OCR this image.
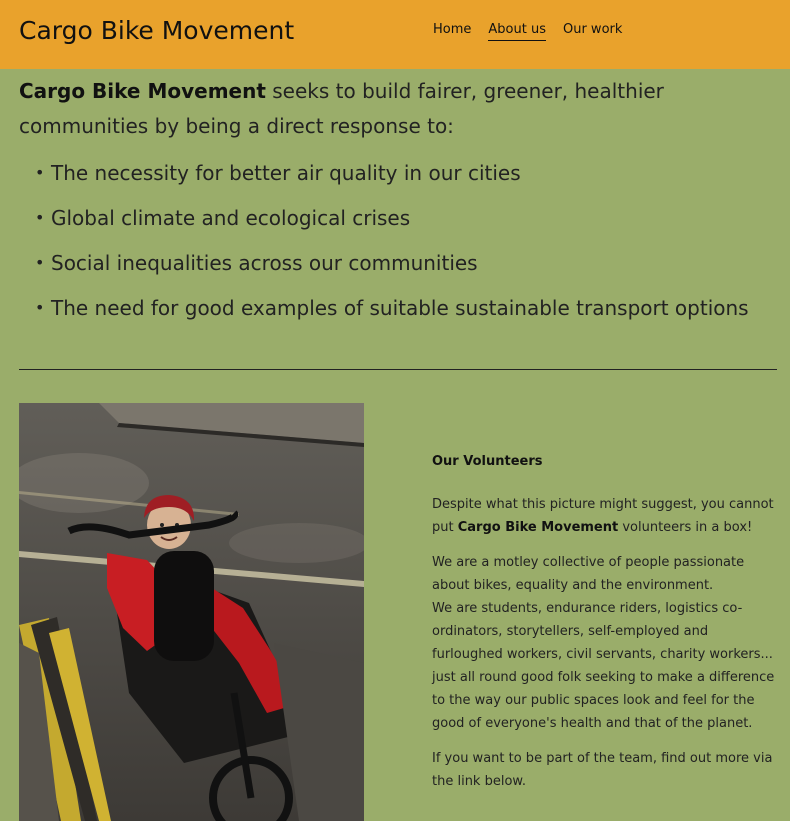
Cargo Bike Movement	Home About us Our work

Cargo Bike Movement seeks to build fairer, greener, healthier communities by being a direct response to:

• The necessity for better air quality in our cities
• Global climate and ecological crises
• Social inequalities across our communities
• The need for good examples of suitable sustainable transport options
Our Volunteers

Despite what this picture might suggest, you cannot put Cargo Bike Movement volunteers in a box!

We are a motley collective of people passionate about bikes, equality and the environment.

We are students, endurance riders, logistics co-ordinators, storytellers, self-employed and furloughed workers, civil servants, charity workers... just all round good folk seeking to make a difference to the way our public spaces look and feel for the good of everyone's health and that of the planet.

If you want to be part of the team, find out more via the link below.
